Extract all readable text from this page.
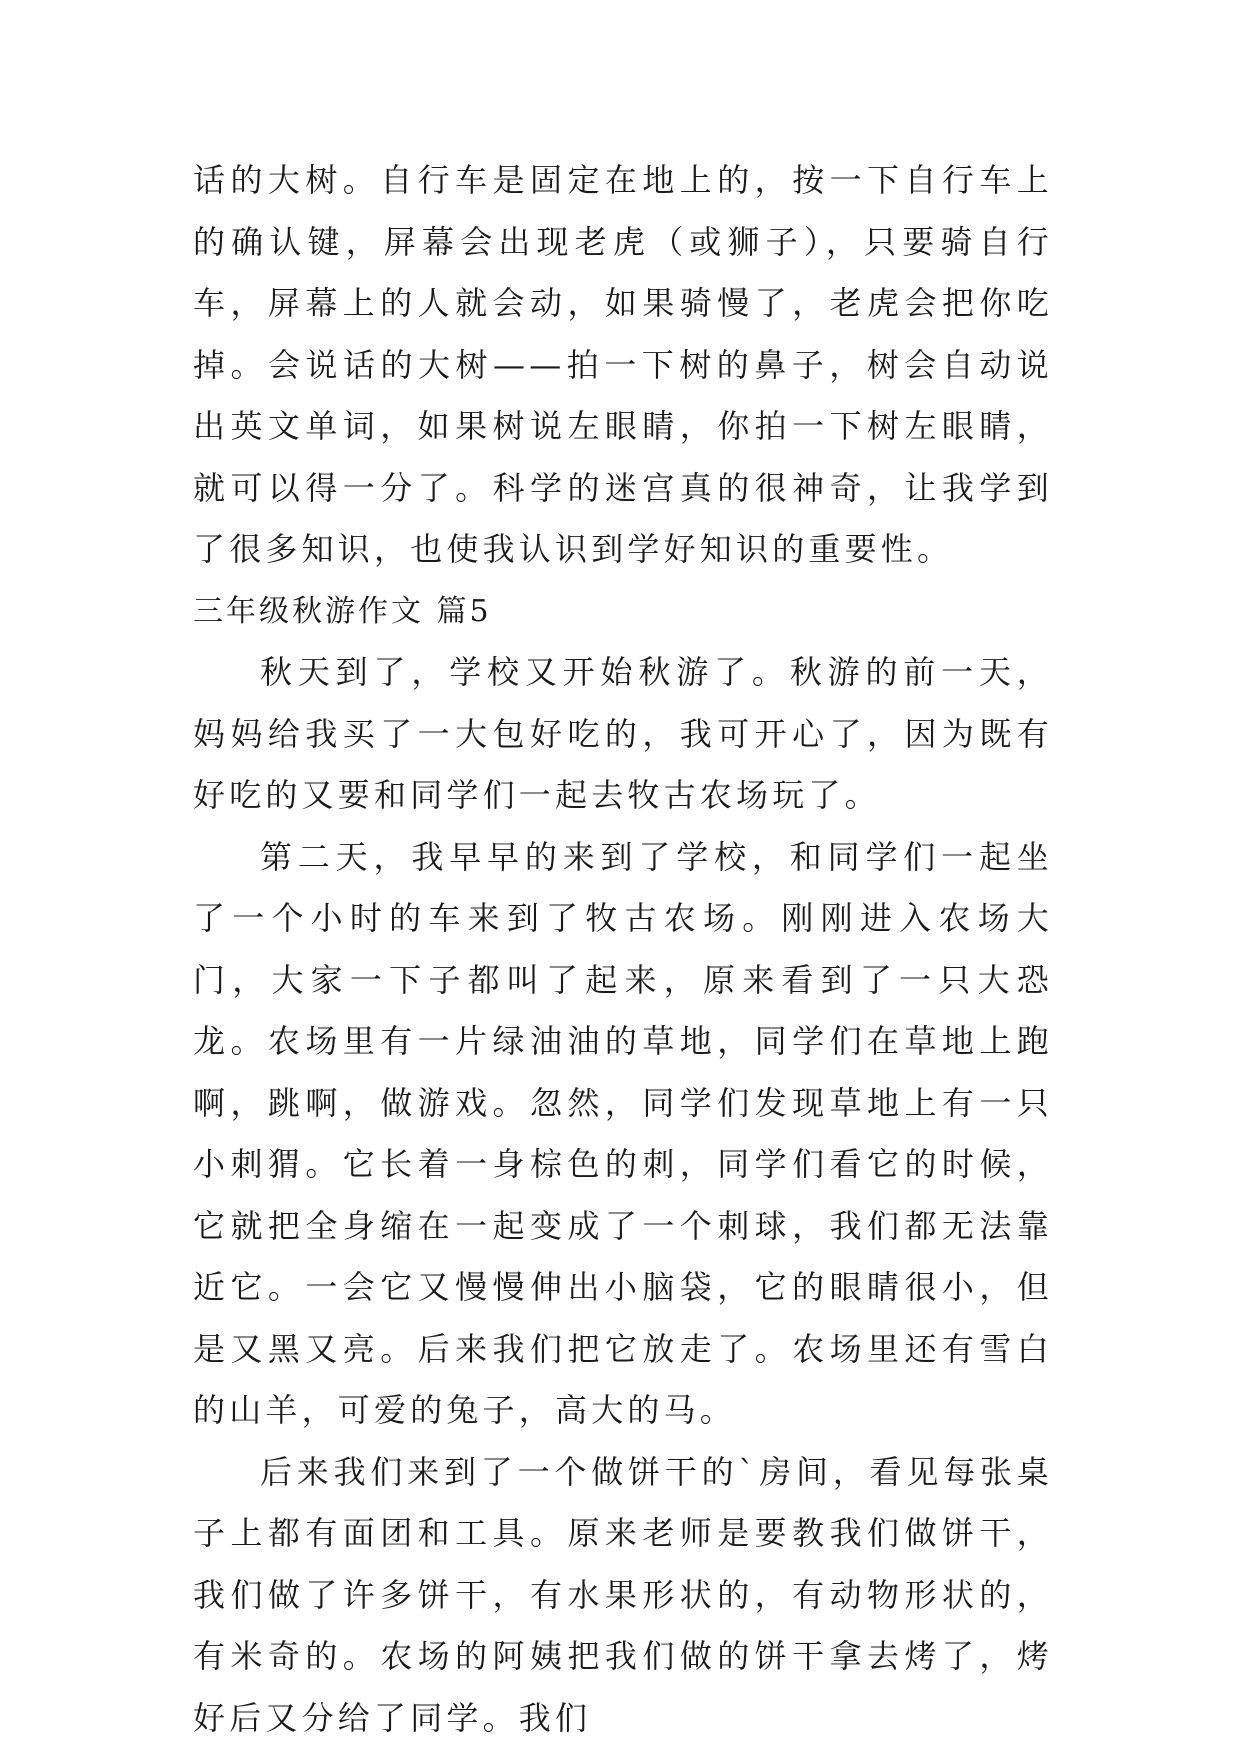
话的大树。自行车是固定在地上的，按一下自行车上的确认键，屏幕会出现老虎（或狮子），只要骑自行车，屏幕上的人就会动，如果骑慢了，老虎会把你吃掉。会说话的大树——拍一下树的鼻子，树会自动说出英文单词，如果树说左眼睛，你拍一下树左眼睛，就可以得一分了。科学的迷宫真的很神奇，让我学到了很多知识，也使我认识到学好知识的重要性。

三年级秋游作文 篇5

秋天到了，学校又开始秋游了。秋游的前一天，妈妈给我买了一大包好吃的，我可开心了，因为既有好吃的又要和同学们一起去牧古农场玩了。

第二天，我早早的来到了学校，和同学们一起坐了一个小时的车来到了牧古农场。刚刚进入农场大门，大家一下子都叫了起来，原来看到了一只大恐龙。农场里有一片绿油油的草地，同学们在草地上跑啊，跳啊，做游戏。忽然，同学们发现草地上有一只小刺猬。它长着一身棕色的刺，同学们看它的时候，它就把全身缩在一起变成了一个刺球，我们都无法靠近它。一会它又慢慢伸出小脑袋，它的眼睛很小，但是又黑又亮。后来我们把它放走了。农场里还有雪白的山羊，可爱的兔子，高大的马。

后来我们来到了一个做饼干的`房间，看见每张桌子上都有面团和工具。原来老师是要教我们做饼干，我们做了许多饼干，有水果形状的，有动物形状的，有米奇的。农场的阿姨把我们做的饼干拿去烤了，烤好后又分给了同学。我们
